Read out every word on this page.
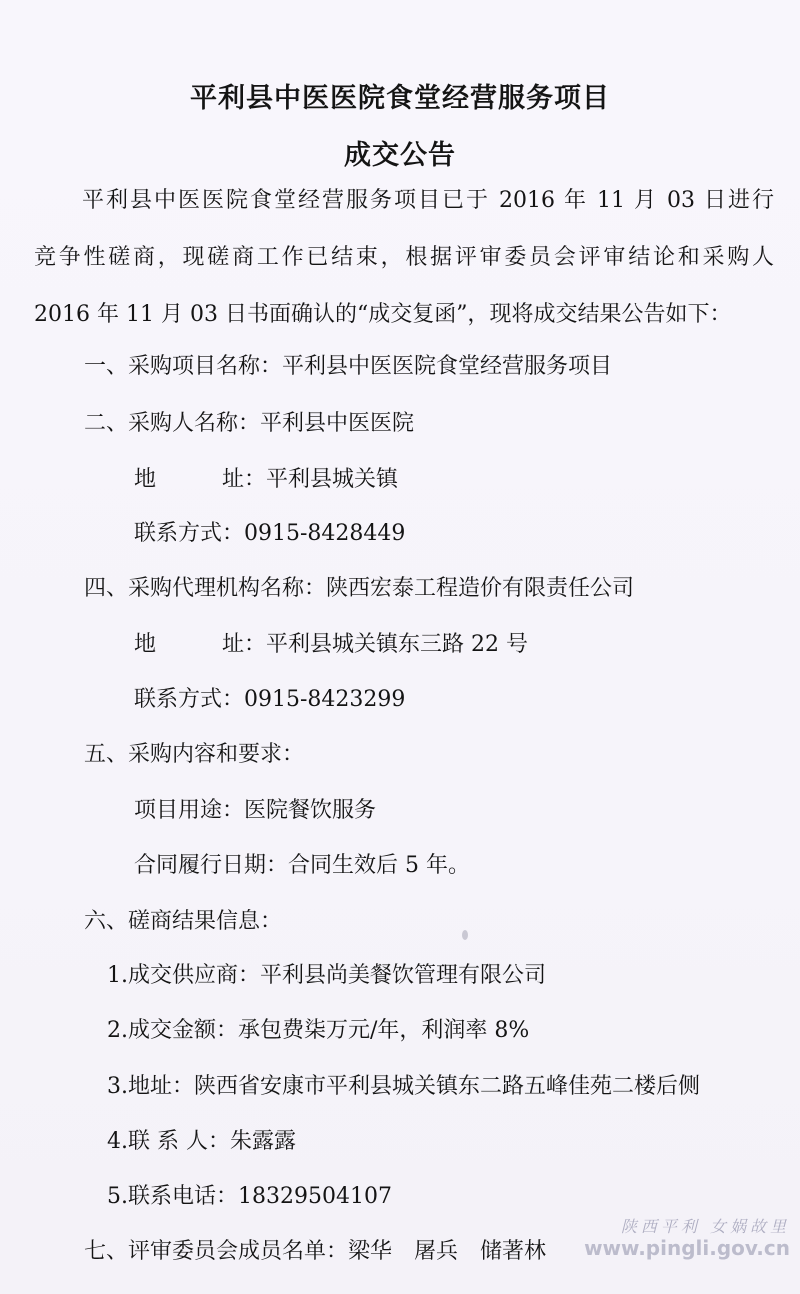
平利县中医医院食堂经营服务项目
成交公告
平利县中医医院食堂经营服务项目已于 2016 年 11 月 03 日进行
竞争性磋商，现磋商工作已结束，根据评审委员会评审结论和采购人
2016 年 11 月 03 日书面确认的“成交复函”，现将成交结果公告如下：
一、采购项目名称：平利县中医医院食堂经营服务项目
二、采购人名称：平利县中医医院
地	址：平利县城关镇
联系方式：0915-8428449
四、采购代理机构名称：陕西宏泰工程造价有限责任公司
地	址：平利县城关镇东三路 22 号
联系方式：0915-8423299
五、采购内容和要求：
项目用途：医院餐饮服务
合同履行日期：合同生效后 5 年。
六、磋商结果信息：
1.成交供应商：平利县尚美餐饮管理有限公司
2.成交金额：承包费柒万元/年，利润率 8%
3.地址：陕西省安康市平利县城关镇东二路五峰佳苑二楼后侧
4.联 系 人：朱露露
5.联系电话：18329504107
七、评审委员会成员名单：梁华　屠兵　储著林
陕西平利 女娲故里
www.pingli.gov.cn
